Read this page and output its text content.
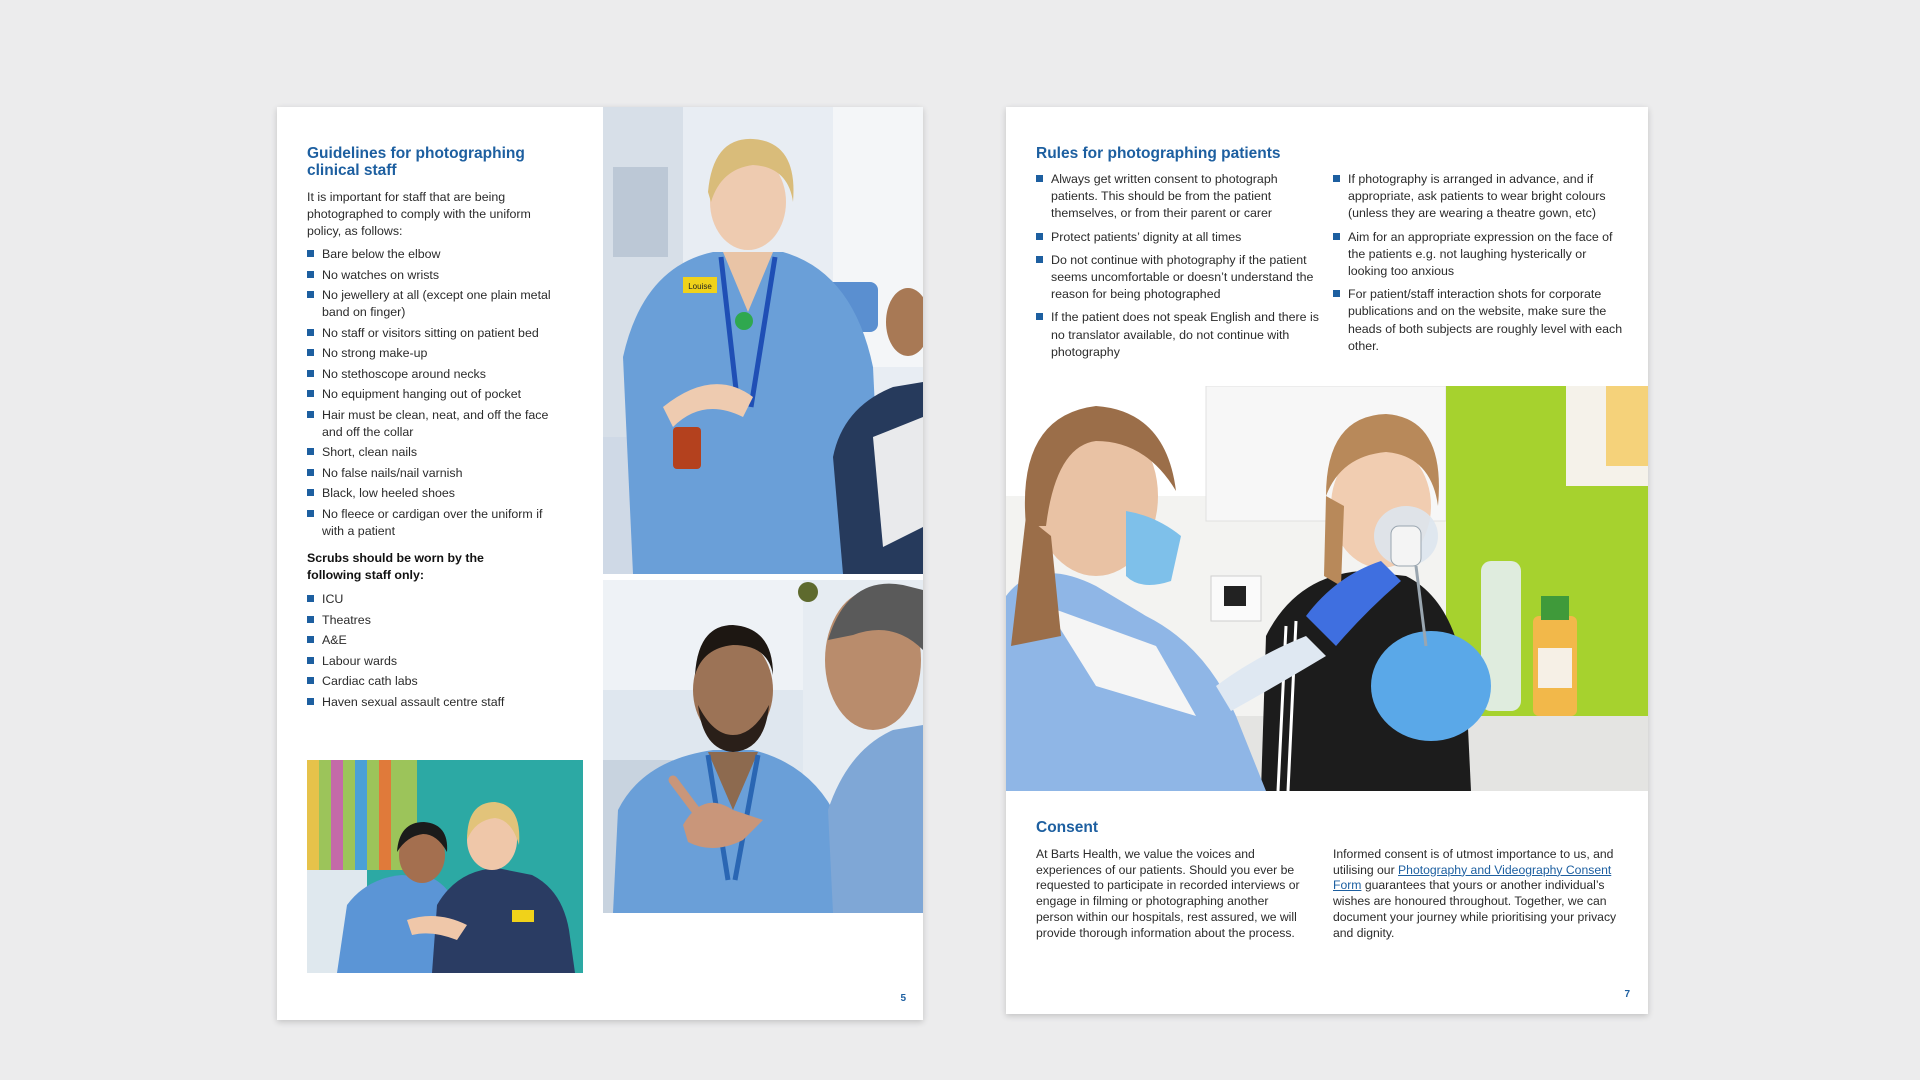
Guidelines for photographing clinical staff

It is important for staff that are being photographed to comply with the uniform policy, as follows:

Bare below the elbow
No watches on wrists
No jewellery at all (except one plain metal band on finger)
No staff or visitors sitting on patient bed
No strong make-up
No stethoscope around necks
No equipment hanging out of pocket
Hair must be clean, neat, and off the face and off the collar
Short, clean nails
No false nails/nail varnish
Black, low heeled shoes
No fleece or cardigan over the uniform if with a patient

Scrubs should be worn by the following staff only:

ICU
Theatres
A&E
Labour wards
Cardiac cath labs
Haven sexual assault centre staff
Louise
5
Rules for photographing patients
Always get written consent to photograph patients. This should be from the patient themselves, or from their parent or carer
Protect patients’ dignity at all times
Do not continue with photography if the patient seems uncomfortable or doesn’t understand the reason for being photographed
If the patient does not speak English and there is no translator available, do not continue with photography
If photography is arranged in advance, and if appropriate, ask patients to wear bright colours (unless they are wearing a theatre gown, etc)
Aim for an appropriate expression on the face of the patients e.g. not laughing hysterically or looking too anxious
For patient/staff interaction shots for corporate publications and on the website, make sure the heads of both subjects are roughly level with each other.
Consent

At Barts Health, we value the voices and experiences of our patients. Should you ever be requested to participate in recorded interviews or engage in filming or photographing another person within our hospitals, rest assured, we will provide thorough information about the process.

Informed consent is of utmost importance to us, and utilising our Photography and Videography Consent Form guarantees that yours or another individual’s wishes are honoured throughout. Together, we can document your journey while prioritising your privacy and dignity.

7
